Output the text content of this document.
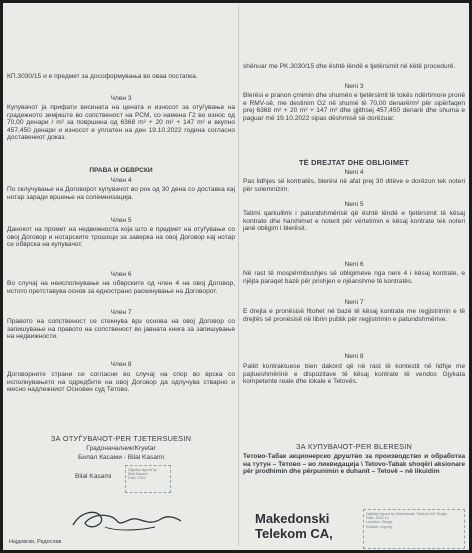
КП.3030/15 и е предмет за дософормувања во оваа постапка.
Член 3
Купувачот ја прифати висината на цената и износот за отуѓување на градежното земјиште во сопственост на РСМ, со намена Г2 во износ од 70,00 денари / m² за површина од 6368 m² + 20 m² + 147 m² и вкупно 457,450 денари и износот е уплатен на ден 19.10.2022 година согласно доставениот доказ.
ПРАВА И ОБВРСКИ
Член 4
По склучување на Договорот купувачот во рок од 30 дена со доставка кај нотар заради вршење на солемнизација.
Член 5
Данокот на промет на недвижноста која што е предмет на отуѓување со овој Договор и нотарските трошоци за заверка на овој Договор кај нотар се обврска на купувачот.
Член 6
Во случај на неисполнување на обврските од член 4 на овој Договор, истото претставува основ за еднострано раскинување на Договорот.
Член 7
Правото на сопственост се стекнува врз основа на овој Договор со запишување на правото на сопственост во јавната книга за запишување на недвижности.
Член 8
Договорните страни се согласни во случај на спор во врска со исполнувањето на одредбите на овој Договор да одлучува стварно и месно надлежниот Основен суд Тетово.
ЗА ОТУЃУВАЧОТ-PER TJETERSUESIN
Градоначалник/Kryetar
Билал Касами - Bilal Kasami
Bilal Kasami
Digitally signed by
Bilal Kasami
Date: 2022
Најдовски, Радослав
shënuar me PK.3030/15 dhe është lëndë e tjetërsimit në këtë procedurë.
Neni 3
Blerësi e pranon çmimin dhe shumën e tjetërsimit të tokës ndërtimore pronë e RMV-së, me destinim G2 në shumë të 70,00 denarë/m² për sipërfaqen prej 6368 m² + 20 m² + 147 m² dhe gjithsej 457,450 denarë dhe shuma e paguar më 19.10.2022 sipas dëshmisë së dorëzuar.
TË DREJTAT DHE OBLIGIMET
Neni 4
Pas lidhjes së kontratës, blerësi në afat prej 30 ditëve e dorëzon tek noteri për solemnizim.
Neni 5
Tatimi qarkullimi i patundshmërisë që është lëndë e tjetërsimit të kësaj kontrate dhe harxhimet e noterit për vërtetimin e kësaj kontrate tek noteri janë obligim i blerësit.
Neni 6
Në rast të mospërmbushjes së obligimeve nga neni 4 i kësaj kontrate, e njëjta paraqet bazë për prishjen e njëanshme të kontratës.
Neni 7
E drejta e pronësisë fitohet në bazë të kësaj kontrate me regjistrimin e të drejtës së pronësisë në librin publik për regjistrimin e patundshmërive.
Neni 8
Palët kontraktuese bien dakord që në rast të kontestit në lidhje me pajtueshmërinë e dispozitave të kësaj kontrate të vendos Gjykata kompetente reale dhe lokale e Tetovës.
ЗА КУПУВАЧОТ-PER BLERESIN
Тетово-Табак акционерско друштво за производство и обработка на тутун – Тетово – во ликвидација \ Tetovo-Tabak shoqëri aksionare për prodhimin dhe përpunimin e duhanit – Tetovë – në likuidim
Makedonski
Telekom CA,
Digitally signed by Makedonski Telekom AD Skopje
Date: 2022.10
Location: Skopje
Reason: signing
